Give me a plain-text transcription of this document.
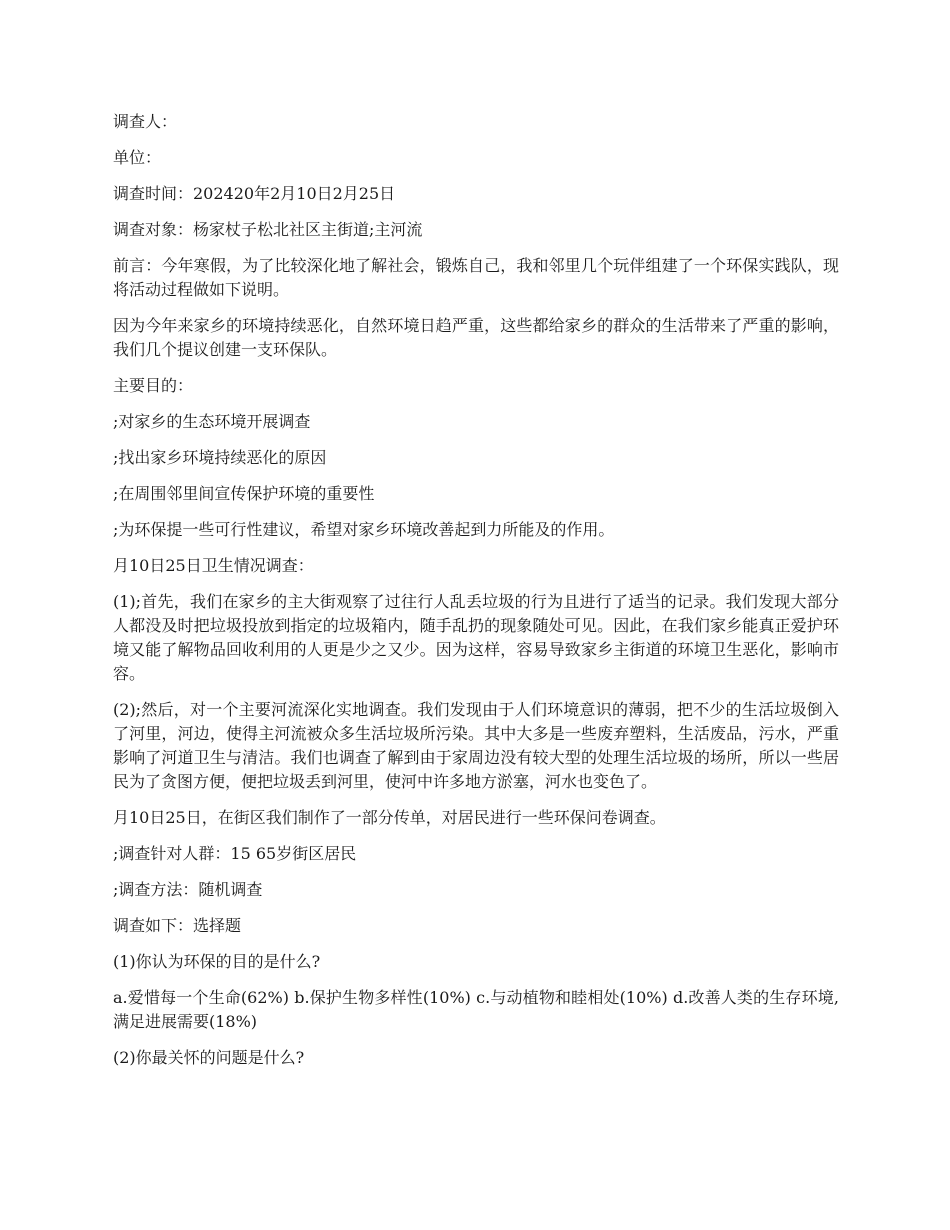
调查人：

单位：

调查时间：202420年2月10日2月25日

调查对象：杨家杖子松北社区主街道;主河流

前言：今年寒假，为了比较深化地了解社会，锻炼自己，我和邻里几个玩伴组建了一个环保实践队，现将活动过程做如下说明。

因为今年来家乡的环境持续恶化，自然环境日趋严重，这些都给家乡的群众的生活带来了严重的影响，我们几个提议创建一支环保队。

主要目的：

;对家乡的生态环境开展调查

;找出家乡环境持续恶化的原因

;在周围邻里间宣传保护环境的重要性

;为环保提一些可行性建议，希望对家乡环境改善起到力所能及的作用。

月10日25日卫生情况调查：

(1);首先，我们在家乡的主大街观察了过往行人乱丢垃圾的行为且进行了适当的记录。我们发现大部分人都没及时把垃圾投放到指定的垃圾箱内，随手乱扔的现象随处可见。因此，在我们家乡能真正爱护环境又能了解物品回收利用的人更是少之又少。因为这样，容易导致家乡主街道的环境卫生恶化，影响市容。

(2);然后，对一个主要河流深化实地调查。我们发现由于人们环境意识的薄弱，把不少的生活垃圾倒入了河里，河边，使得主河流被众多生活垃圾所污染。其中大多是一些废弃塑料，生活废品，污水，严重影响了河道卫生与清洁。我们也调查了解到由于家周边没有较大型的处理生活垃圾的场所，所以一些居民为了贪图方便，便把垃圾丢到河里，使河中许多地方淤塞，河水也变色了。

月10日25日，在街区我们制作了一部分传单，对居民进行一些环保问卷调查。

;调查针对人群：15 65岁街区居民

;调查方法：随机调查

调查如下：选择题

(1)你认为环保的目的是什么?

a.爱惜每一个生命(62%) b.保护生物多样性(10%) c.与动植物和睦相处(10%) d.改善人类的生存环境,满足进展需要(18%)

(2)你最关怀的问题是什么?
